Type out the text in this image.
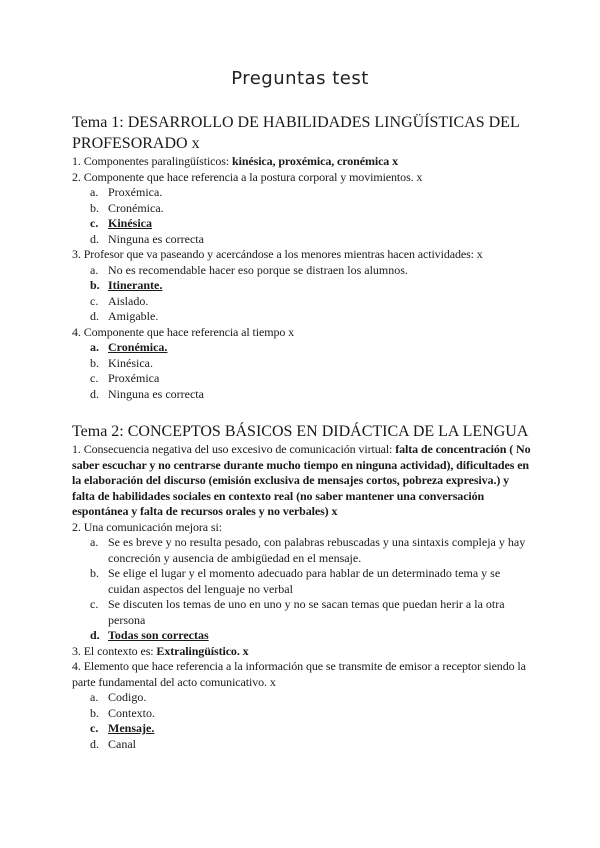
Preguntas test
Tema 1: DESARROLLO DE HABILIDADES LINGÜÍSTICAS DEL PROFESORADO x
1. Componentes paralingüísticos: kinésica, proxémica, cronémica x
2. Componente que hace referencia a la postura corporal y movimientos. x
a. Proxémica.
b. Cronémica.
c. Kinésica
d. Ninguna es correcta
3. Profesor que va paseando y acercándose a los menores mientras hacen actividades: x
a. No es recomendable hacer eso porque se distraen los alumnos.
b. Itinerante.
c. Aislado.
d. Amigable.
4. Componente que hace referencia al tiempo x
a. Cronémica.
b. Kinésica.
c. Proxémica
d. Ninguna es correcta
Tema 2: CONCEPTOS BÁSICOS EN DIDÁCTICA DE LA LENGUA
1. Consecuencia negativa del uso excesivo de comunicación virtual: falta de concentración ( No saber escuchar y no centrarse durante mucho tiempo en ninguna actividad), dificultades en la elaboración del discurso (emisión exclusiva de mensajes cortos, pobreza expresiva.) y falta de habilidades sociales en contexto real (no saber mantener una conversación espontánea y falta de recursos orales y no verbales) x
2. Una comunicación mejora si:
a. Se es breve y no resulta pesado, con palabras rebuscadas y una sintaxis compleja y hay concreción y ausencia de ambigüedad en el mensaje.
b. Se elige el lugar y el momento adecuado para hablar de un determinado tema y se cuidan aspectos del lenguaje no verbal
c. Se discuten los temas de uno en uno y no se sacan temas que puedan herir a la otra persona
d. Todas son correctas
3. El contexto es: Extralingüístico. x
4. Elemento que hace referencia a la información que se transmite de emisor a receptor siendo la parte fundamental del acto comunicativo. x
a. Codigo.
b. Contexto.
c. Mensaje.
d. Canal
